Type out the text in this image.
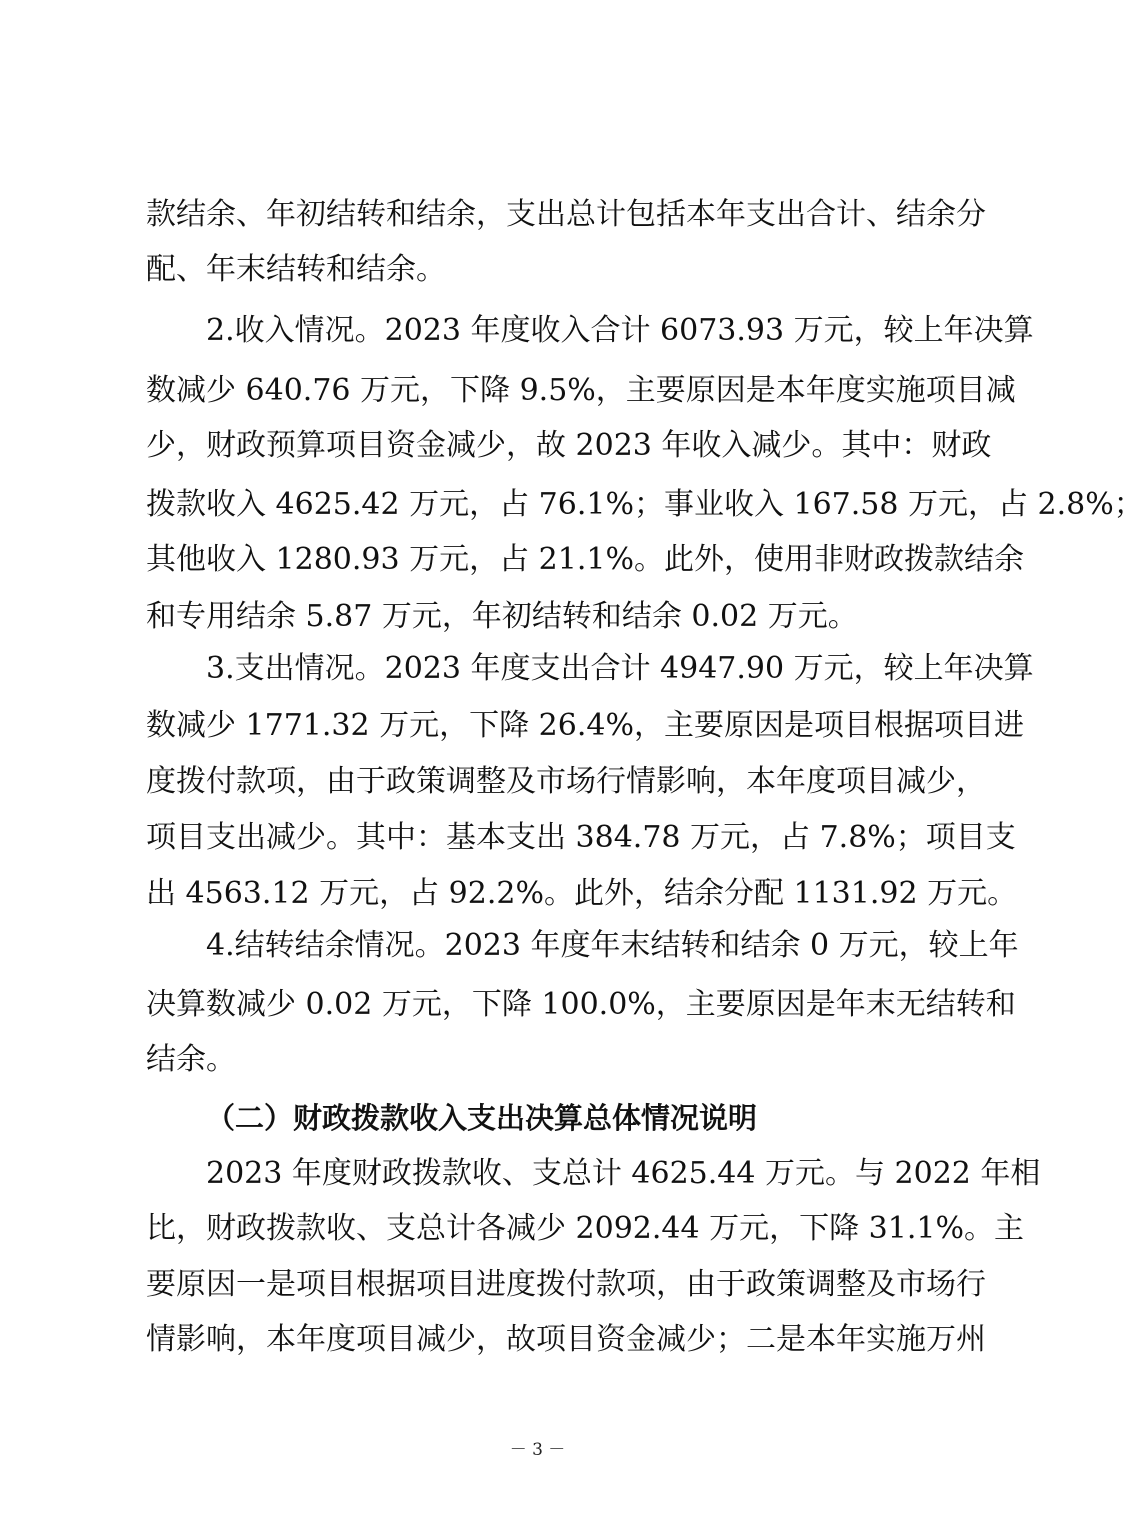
款结余、年初结转和结余，支出总计包括本年支出合计、结余分
配、年末结转和结余。
2.收入情况。2023 年度收入合计 6073.93 万元，较上年决算
数减少 640.76 万元，下降 9.5%，主要原因是本年度实施项目减
少，财政预算项目资金减少，故 2023 年收入减少。其中：财政
拨款收入 4625.42 万元，占 76.1%；事业收入 167.58 万元，占 2.8%；
其他收入 1280.93 万元，占 21.1%。此外，使用非财政拨款结余
和专用结余 5.87 万元，年初结转和结余 0.02 万元。
3.支出情况。2023 年度支出合计 4947.90 万元，较上年决算
数减少 1771.32 万元，下降 26.4%，主要原因是项目根据项目进
度拨付款项，由于政策调整及市场行情影响，本年度项目减少，
项目支出减少。其中：基本支出 384.78 万元，占 7.8%；项目支
出 4563.12 万元，占 92.2%。此外，结余分配 1131.92 万元。
4.结转结余情况。2023 年度年末结转和结余 0 万元，较上年
决算数减少 0.02 万元，下降 100.0%，主要原因是年末无结转和
结余。
（二）财政拨款收入支出决算总体情况说明
2023 年度财政拨款收、支总计 4625.44 万元。与 2022 年相
比，财政拨款收、支总计各减少 2092.44 万元，下降 31.1%。主
要原因一是项目根据项目进度拨付款项，由于政策调整及市场行
情影响，本年度项目减少，故项目资金减少；二是本年实施万州
－ 3 －
